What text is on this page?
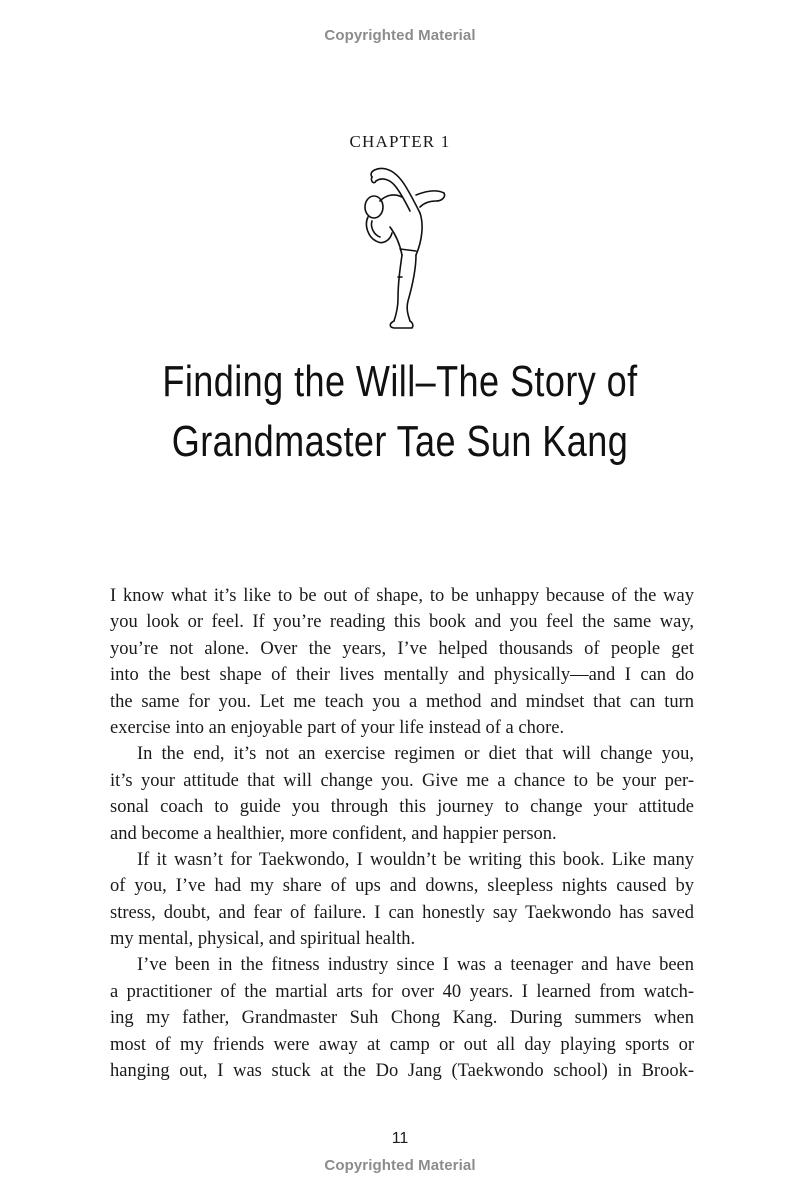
Copyrighted Material
CHAPTER 1
Finding the Will–The Story of
Grandmaster Tae Sun Kang
I know what it’s like to be out of shape, to be unhappy because of the way
you look or feel. If you’re reading this book and you feel the same way,
you’re not alone. Over the years, I’ve helped thousands of people get
into the best shape of their lives mentally and physically—and I can do
the same for you. Let me teach you a method and mindset that can turn
exercise into an enjoyable part of your life instead of a chore.
In the end, it’s not an exercise regimen or diet that will change you,
it’s your attitude that will change you. Give me a chance to be your per-
sonal coach to guide you through this journey to change your attitude
and become a healthier, more confident, and happier person.
If it wasn’t for Taekwondo, I wouldn’t be writing this book. Like many
of you, I’ve had my share of ups and downs, sleepless nights caused by
stress, doubt, and fear of failure. I can honestly say Taekwondo has saved
my mental, physical, and spiritual health.
I’ve been in the fitness industry since I was a teenager and have been
a practitioner of the martial arts for over 40 years. I learned from watch-
ing my father, Grandmaster Suh Chong Kang. During summers when
most of my friends were away at camp or out all day playing sports or
hanging out, I was stuck at the Do Jang (Taekwondo school) in Brook-
11
Copyrighted Material
